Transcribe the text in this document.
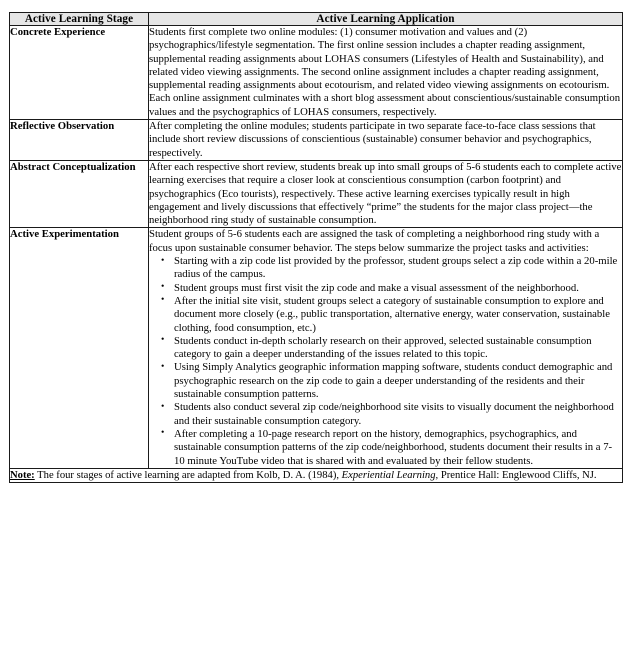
Active Learning Stage	Active Learning Application
Concrete Experience	Students first complete two online modules: (1) consumer motivation and values and (2) psychographics/lifestyle segmentation. The first online session includes a chapter reading assignment, supplemental reading assignments about LOHAS consumers (Lifestyles of Health and Sustainability), and related video viewing assignments. The second online assignment includes a chapter reading assignment, supplemental reading assignments about ecotourism, and related video viewing assignments on ecotourism. Each online assignment culminates with a short blog assessment about conscientious/sustainable consumption values and the psychographics of LOHAS consumers, respectively.

Reflective Observation	After completing the online modules; students participate in two separate face-to-face class sessions that include short review discussions of conscientious (sustainable) consumer behavior and psychographics, respectively.

Abstract Conceptualization	After each respective short review, students break up into small groups of 5-6 students each to complete active learning exercises that require a closer look at conscientious consumption (carbon footprint) and psychographics (Eco tourists), respectively. These active learning exercises typically result in high engagement and lively discussions that effectively “prime” the students for the major class project—the neighborhood ring study of sustainable consumption.

Active Experimentation	Student groups of 5-6 students each are assigned the task of completing a neighborhood ring study with a focus upon sustainable consumer behavior. The steps below summarize the project tasks and activities:

• Starting with a zip code list provided by the professor, student groups select a zip code within a 20-mile radius of the campus.
• Student groups must first visit the zip code and make a visual assessment of the neighborhood.
• After the initial site visit, student groups select a category of sustainable consumption to explore and document more closely (e.g., public transportation, alternative energy, water conservation, sustainable clothing, food consumption, etc.)
• Students conduct in-depth scholarly research on their approved, selected sustainable consumption category to gain a deeper understanding of the issues related to this topic.
• Using Simply Analytics geographic information mapping software, students conduct demographic and psychographic research on the zip code to gain a deeper understanding of the residents and their sustainable consumption patterns.
• Students also conduct several zip code/neighborhood site visits to visually document the neighborhood and their sustainable consumption category.
• After completing a 10-page research report on the history, demographics, psychographics, and sustainable consumption patterns of the zip code/neighborhood, students document their results in a 7-10 minute YouTube video that is shared with and evaluated by their fellow students.

Note: The four stages of active learning are adapted from Kolb, D. A. (1984), Experiential Learning, Prentice Hall: Englewood Cliffs, NJ.	
